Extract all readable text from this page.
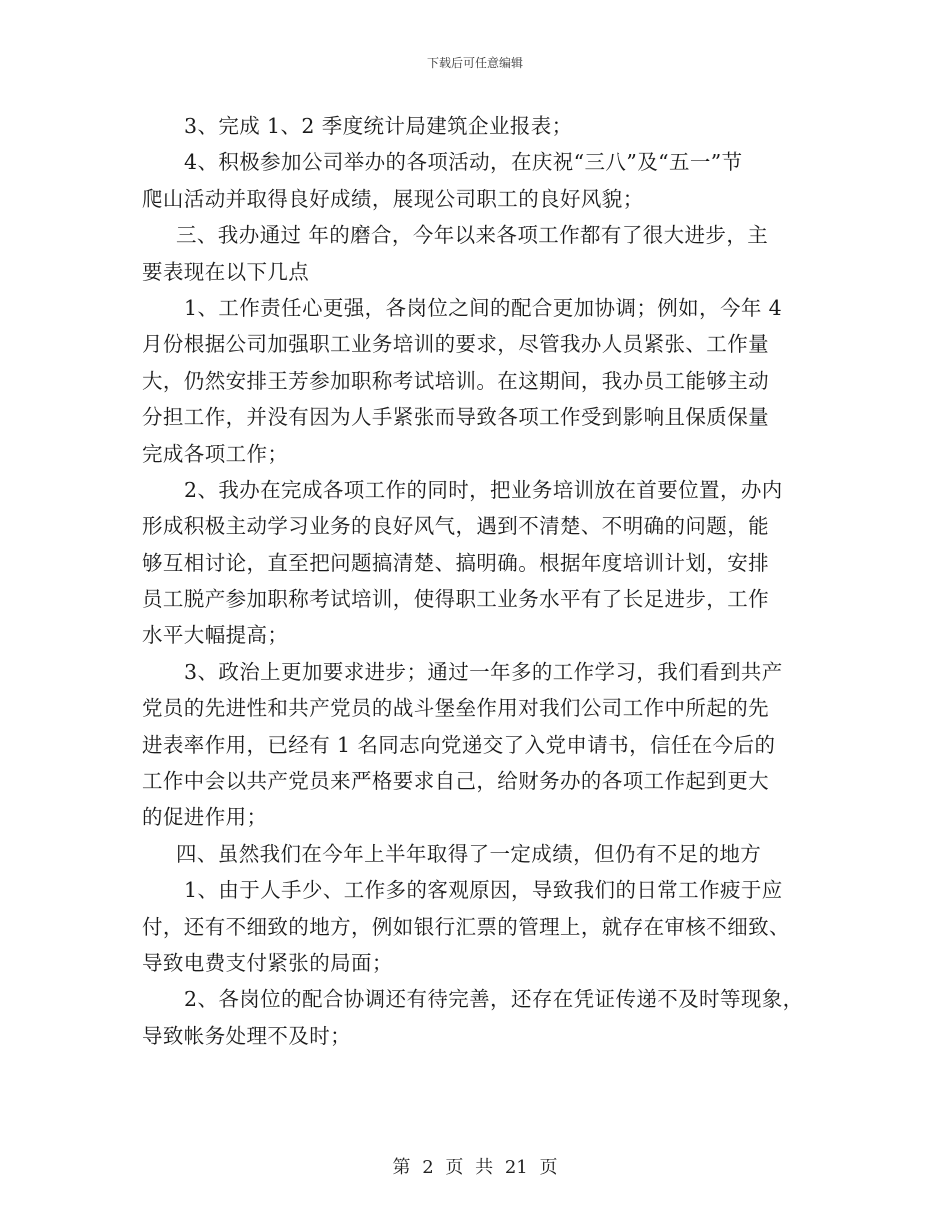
下载后可任意编辑
3、完成 1、2 季度统计局建筑企业报表；
4、积极参加公司举办的各项活动，在庆祝“三八”及“五一”节
爬山活动并取得良好成绩，展现公司职工的良好风貌；
三、我办通过 年的磨合，今年以来各项工作都有了很大进步，主
要表现在以下几点
1、工作责任心更强，各岗位之间的配合更加协调；例如，今年 4
月份根据公司加强职工业务培训的要求，尽管我办人员紧张、工作量
大，仍然安排王芳参加职称考试培训。在这期间，我办员工能够主动
分担工作，并没有因为人手紧张而导致各项工作受到影响且保质保量
完成各项工作；
2、我办在完成各项工作的同时，把业务培训放在首要位置，办内
形成积极主动学习业务的良好风气，遇到不清楚、不明确的问题，能
够互相讨论，直至把问题搞清楚、搞明确。根据年度培训计划，安排
员工脱产参加职称考试培训，使得职工业务水平有了长足进步，工作
水平大幅提高；
3、政治上更加要求进步；通过一年多的工作学习，我们看到共产
党员的先进性和共产党员的战斗堡垒作用对我们公司工作中所起的先
进表率作用，已经有 1 名同志向党递交了入党申请书，信任在今后的
工作中会以共产党员来严格要求自己，给财务办的各项工作起到更大
的促进作用；
四、虽然我们在今年上半年取得了一定成绩，但仍有不足的地方
1、由于人手少、工作多的客观原因，导致我们的日常工作疲于应
付，还有不细致的地方，例如银行汇票的管理上，就存在审核不细致、
导致电费支付紧张的局面；
2、各岗位的配合协调还有待完善，还存在凭证传递不及时等现象，
导致帐务处理不及时；
第 2 页 共 21 页
